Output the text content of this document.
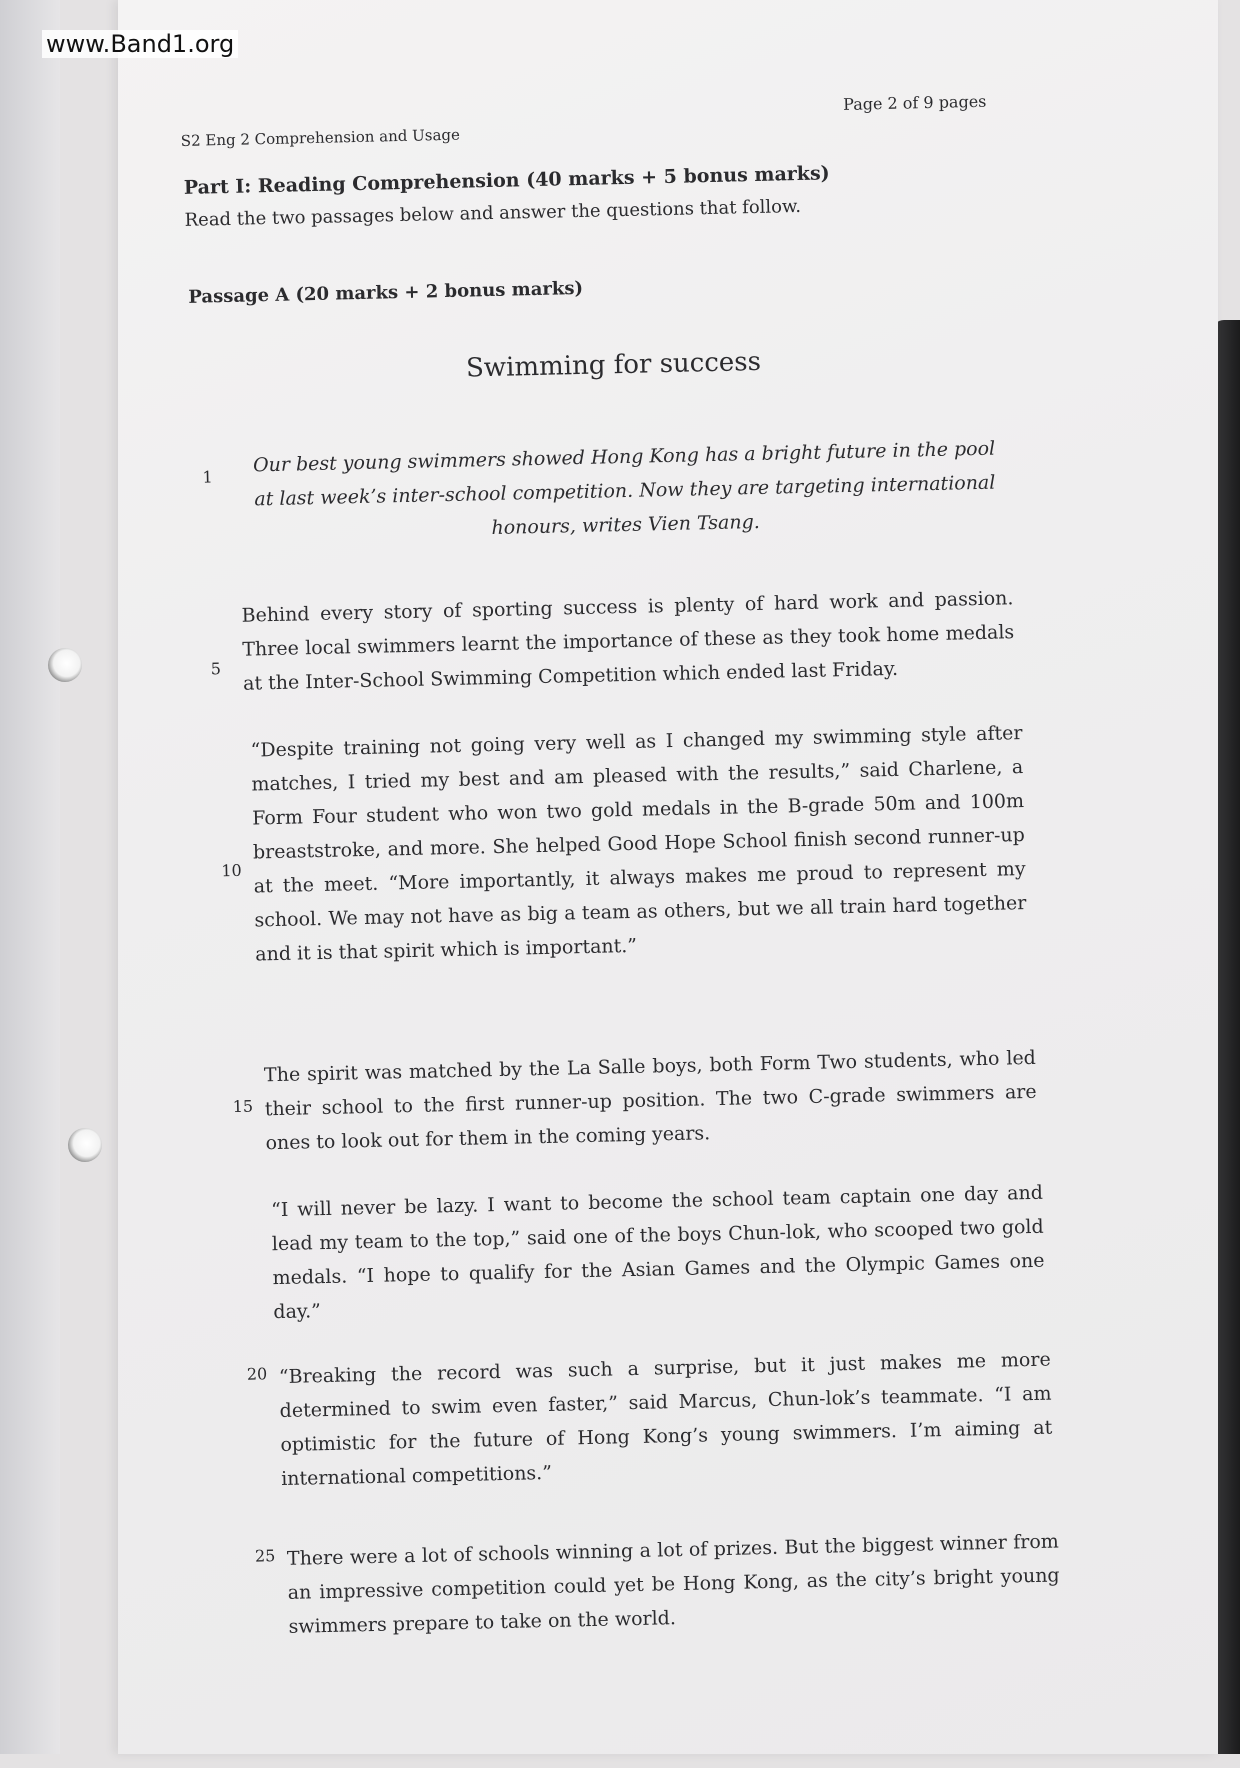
www.Band1.org
S2 Eng 2 Comprehension and Usage
Page 2 of 9 pages
Part I: Reading Comprehension (40 marks + 5 bonus marks)
Read the two passages below and answer the questions that follow.
Passage A (20 marks + 2 bonus marks)
Swimming for success
1
Our best young swimmers showed Hong Kong has a bright future in the pool at last week’s inter-school competition. Now they are targeting international honours, writes Vien Tsang.
5
Behind every story of sporting success is plenty of hard work and passion. Three local swimmers learnt the importance of these as they took home medals at the Inter-School Swimming Competition which ended last Friday.
10
“Despite training not going very well as I changed my swimming style after matches, I tried my best and am pleased with the results,” said Charlene, a Form Four student who won two gold medals in the B-grade 50m and 100m breaststroke, and more. She helped Good Hope School finish second runner-up at the meet. “More importantly, it always makes me proud to represent my school. We may not have as big a team as others, but we all train hard together and it is that spirit which is important.”
15
The spirit was matched by the La Salle boys, both Form Two students, who led their school to the first runner-up position. The two C-grade swimmers are ones to look out for them in the coming years.
“I will never be lazy. I want to become the school team captain one day and lead my team to the top,” said one of the boys Chun-lok, who scooped two gold medals. “I hope to qualify for the Asian Games and the Olympic Games one day.”
20 “Breaking the record was such a surprise, but it just makes me more determined to swim even faster,” said Marcus, Chun-lok’s teammate. “I am optimistic for the future of Hong Kong’s young swimmers. I’m aiming at international competitions.”
25 There were a lot of schools winning a lot of prizes. But the biggest winner from an impressive competition could yet be Hong Kong, as the city’s bright young swimmers prepare to take on the world.
